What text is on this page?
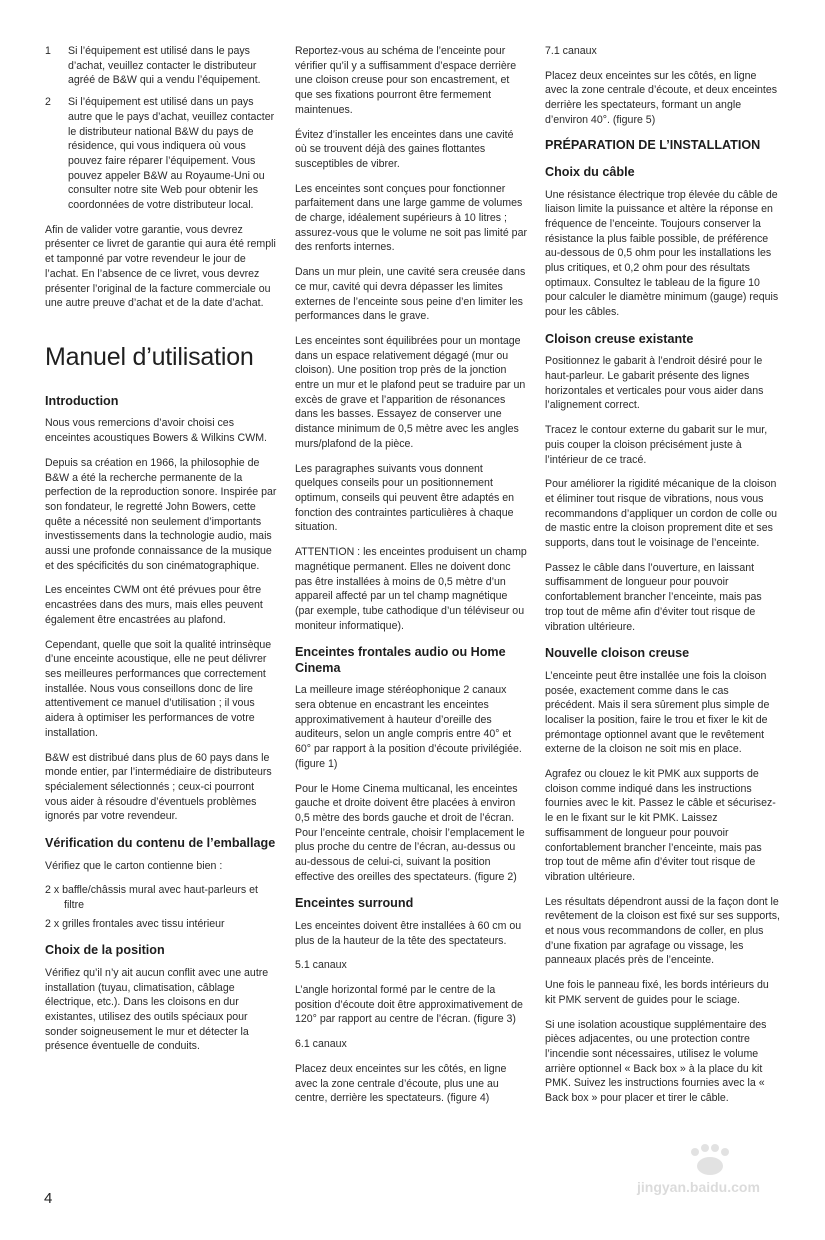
1	Si l’équipement est utilisé dans le pays d’achat, veuillez contacter le distributeur agréé de B&W qui a vendu l’équipement.
2	Si l’équipement est utilisé dans un pays autre que le pays d’achat, veuillez contacter le distributeur national B&W du pays de résidence, qui vous indiquera où vous pouvez faire réparer l’équipement. Vous pouvez appeler B&W au Royaume-Uni ou consulter notre site Web pour obtenir les coordonnées de votre distributeur local.

Afin de valider votre garantie, vous devrez présenter ce livret de garantie qui aura été rempli et tamponné par votre revendeur le jour de l’achat. En l’absence de ce livret, vous devrez présenter l’original de la facture commerciale ou une autre preuve d’achat et de la date d’achat.

Manuel d’utilisation
Introduction

Nous vous remercions d’avoir choisi ces enceintes acoustiques Bowers & Wilkins CWM.

Depuis sa création en 1966, la philosophie de B&W a été la recherche permanente de la perfection de la reproduction sonore. Inspirée par son fondateur, le regretté John Bowers, cette quête a nécessité non seulement d’importants investissements dans la technologie audio, mais aussi une profonde connaissance de la musique et des spécificités du son cinématographique.

Les enceintes CWM ont été prévues pour être encastrées dans des murs, mais elles peuvent également être encastrées au plafond.

Cependant, quelle que soit la qualité intrinsèque d’une enceinte acoustique, elle ne peut délivrer ses meilleures performances que correctement installée. Nous vous conseillons donc de lire attentivement ce manuel d’utilisation ; il vous aidera à optimiser les performances de votre installation.

B&W est distribué dans plus de 60 pays dans le monde entier, par l’intermédiaire de distributeurs spécialement sélectionnés ; ceux-ci pourront vous aider à résoudre d’éventuels problèmes ignorés par votre revendeur.

Vérification du contenu de l’emballage

Vérifiez que le carton contienne bien :

2 x baffle/châssis mural avec haut-parleurs et filtre
2 x grilles frontales avec tissu intérieur
Choix de la position

Vérifiez qu’il n’y ait aucun conflit avec une autre installation (tuyau, climatisation, câblage électrique, etc.). Dans les cloisons en dur existantes, utilisez des outils spéciaux pour sonder soigneusement le mur et détecter la présence éventuelle de conduits.

Reportez-vous au schéma de l’enceinte pour vérifier qu’il y a suffisamment d’espace derrière une cloison creuse pour son encastrement, et que ses fixations pourront être fermement maintenues.

Évitez d’installer les enceintes dans une cavité où se trouvent déjà des gaines flottantes susceptibles de vibrer.

Les enceintes sont conçues pour fonctionner parfaitement dans une large gamme de volumes de charge, idéalement supérieurs à 10 litres ; assurez-vous que le volume ne soit pas limité par des renforts internes.

Dans un mur plein, une cavité sera creusée dans ce mur, cavité qui devra dépasser les limites externes de l’enceinte sous peine d’en limiter les performances dans le grave.

Les enceintes sont équilibrées pour un montage dans un espace relativement dégagé (mur ou cloison). Une position trop près de la jonction entre un mur et le plafond peut se traduire par un excès de grave et l’apparition de résonances dans les basses. Essayez de conserver une distance minimum de 0,5 mètre avec les angles murs/plafond de la pièce.

Les paragraphes suivants vous donnent quelques conseils pour un positionnement optimum, conseils qui peuvent être adaptés en fonction des contraintes particulières à chaque situation.

ATTENTION : les enceintes produisent un champ magnétique permanent. Elles ne doivent donc pas être installées à moins de 0,5 mètre d’un appareil affecté par un tel champ magnétique (par exemple, tube cathodique d’un téléviseur ou moniteur informatique).

Enceintes frontales audio ou Home Cinema

La meilleure image stéréophonique 2 canaux sera obtenue en encastrant les enceintes approximativement à hauteur d’oreille des auditeurs, selon un angle compris entre 40° et 60° par rapport à la position d’écoute privilégiée. (figure 1)

Pour le Home Cinema multicanal, les enceintes gauche et droite doivent être placées à environ 0,5 mètre des bords gauche et droit de l’écran. Pour l’enceinte centrale, choisir l’emplacement le plus proche du centre de l’écran, au-dessus ou au-dessous de celui-ci, suivant la position effective des oreilles des spectateurs. (figure 2)

Enceintes surround

Les enceintes doivent être installées à 60 cm ou plus de la hauteur de la tête des spectateurs.

5.1 canaux

L’angle horizontal formé par le centre de la position d’écoute doit être approximativement de 120° par rapport au centre de l’écran. (figure 3)

6.1 canaux

Placez deux enceintes sur les côtés, en ligne avec la zone centrale d’écoute, plus une au centre, derrière les spectateurs. (figure 4)

7.1 canaux

Placez deux enceintes sur les côtés, en ligne avec la zone centrale d’écoute, et deux enceintes derrière les spectateurs, formant un angle d’environ 40°. (figure 5)

PRÉPARATION DE L’INSTALLATION
Choix du câble

Une résistance électrique trop élevée du câble de liaison limite la puissance et altère la réponse en fréquence de l’enceinte. Toujours conserver la résistance la plus faible possible, de préférence au-dessous de 0,5 ohm pour les installations les plus critiques, et 0,2 ohm pour des résultats optimaux. Consultez le tableau de la figure 10 pour calculer le diamètre minimum (gauge) requis pour les câbles.

Cloison creuse existante

Positionnez le gabarit à l’endroit désiré pour le haut-parleur. Le gabarit présente des lignes horizontales et verticales pour vous aider dans l’alignement correct.

Tracez le contour externe du gabarit sur le mur, puis couper la cloison précisément juste à l’intérieur de ce tracé.

Pour améliorer la rigidité mécanique de la cloison et éliminer tout risque de vibrations, nous vous recommandons d’appliquer un cordon de colle ou de mastic entre la cloison proprement dite et ses supports, dans tout le voisinage de l’enceinte.

Passez le câble dans l’ouverture, en laissant suffisamment de longueur pour pouvoir confortablement brancher l’enceinte, mais pas trop tout de même afin d’éviter tout risque de vibration ultérieure.

Nouvelle cloison creuse

L’enceinte peut être installée une fois la cloison posée, exactement comme dans le cas précédent. Mais il sera sûrement plus simple de localiser la position, faire le trou et fixer le kit de prémontage optionnel avant que le revêtement externe de la cloison ne soit mis en place.

Agrafez ou clouez le kit PMK aux supports de cloison comme indiqué dans les instructions fournies avec le kit. Passez le câble et sécurisez-le en le fixant sur le kit PMK. Laissez suffisamment de longueur pour pouvoir confortablement brancher l’enceinte, mais pas trop tout de même afin d’éviter tout risque de vibration ultérieure.

Les résultats dépendront aussi de la façon dont le revêtement de la cloison est fixé sur ses supports, et nous vous recommandons de coller, en plus d’une fixation par agrafage ou vissage, les panneaux placés près de l’enceinte.

Une fois le panneau fixé, les bords intérieurs du kit PMK servent de guides pour le sciage.

Si une isolation acoustique supplémentaire des pièces adjacentes, ou une protection contre l’incendie sont nécessaires, utilisez le volume arrière optionnel « Back box » à la place du kit PMK. Suivez les instructions fournies avec la « Back box » pour placer et tirer le câble.

4
jingyan.baidu.com
